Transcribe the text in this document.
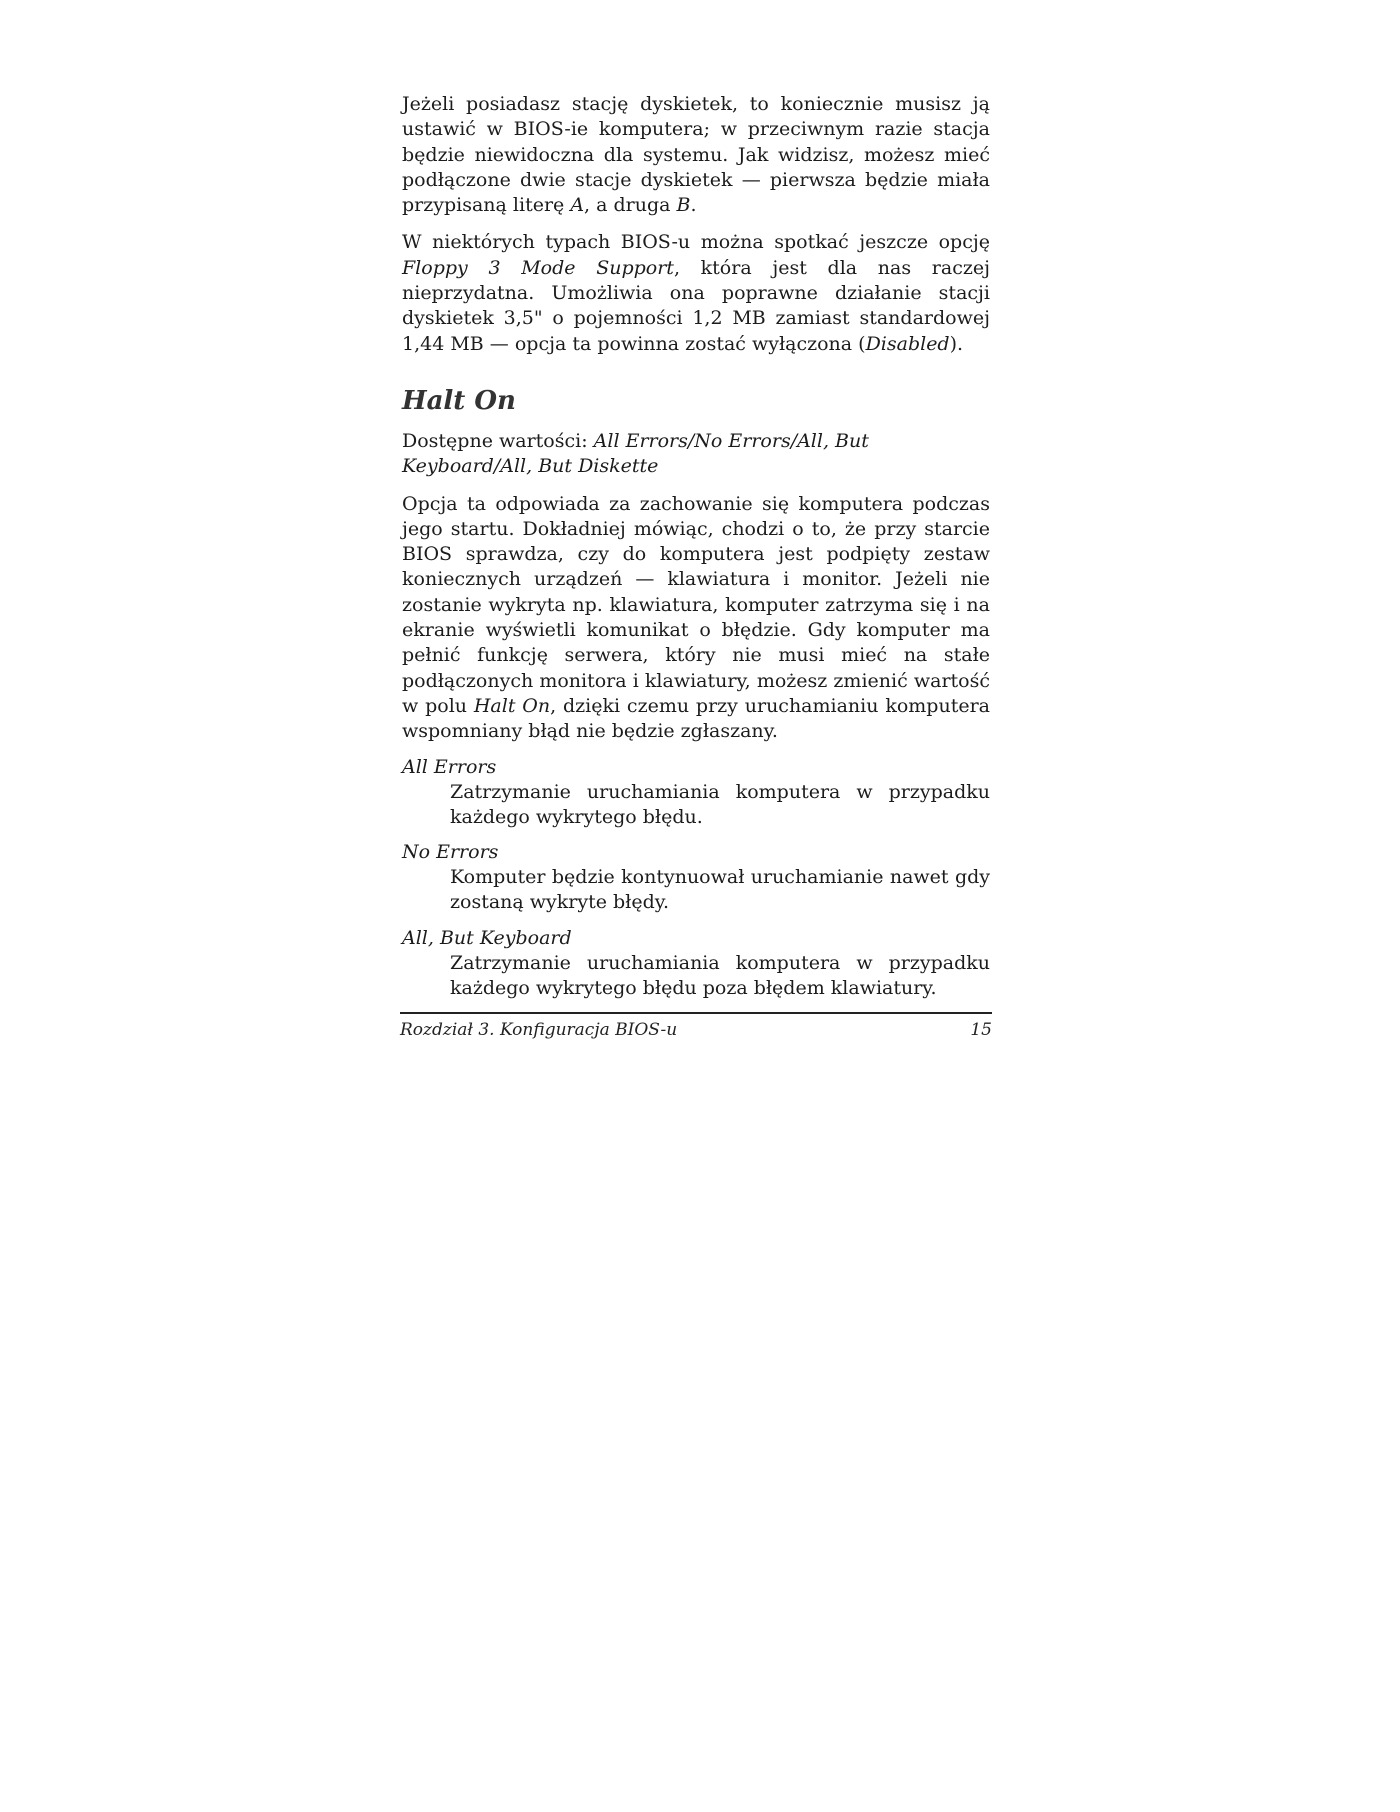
Jeżeli posiadasz stację dyskietek, to koniecznie musisz ją ustawić w BIOS-ie komputera; w przeciwnym razie stacja będzie niewidoczna dla systemu. Jak widzisz, możesz mieć podłączone dwie stacje dyskietek — pierwsza będzie miała przypisaną literę A, a druga B.

W niektórych typach BIOS-u można spotkać jeszcze opcję Floppy 3 Mode Support, która jest dla nas raczej nieprzydatna. Umożliwia ona poprawne działanie stacji dyskietek 3,5" o pojemności 1,2 MB zamiast standardowej 1,44 MB — opcja ta powinna zostać wyłączona (Disabled).

Halt On

Dostępne wartości: All Errors/No Errors/All, But Keyboard/All, But Diskette

Opcja ta odpowiada za zachowanie się komputera podczas jego startu. Dokładniej mówiąc, chodzi o to, że przy starcie BIOS sprawdza, czy do komputera jest podpięty zestaw koniecznych urządzeń — klawiatura i monitor. Jeżeli nie zostanie wykryta np. klawiatura, komputer zatrzyma się i na ekranie wyświetli komunikat o błędzie. Gdy komputer ma pełnić funkcję serwera, który nie musi mieć na stałe podłączonych monitora i klawiatury, możesz zmienić wartość w polu Halt On, dzięki czemu przy uruchamianiu komputera wspomniany błąd nie będzie zgłaszany.

All Errors
Zatrzymanie uruchamiania komputera w przypadku każdego wykrytego błędu.
No Errors
Komputer będzie kontynuował uruchamianie nawet gdy zostaną wykryte błędy.
All, But Keyboard
Zatrzymanie uruchamiania komputera w przypadku każdego wykrytego błędu poza błędem klawiatury.
Rozdział 3. Konfiguracja BIOS-u	15
